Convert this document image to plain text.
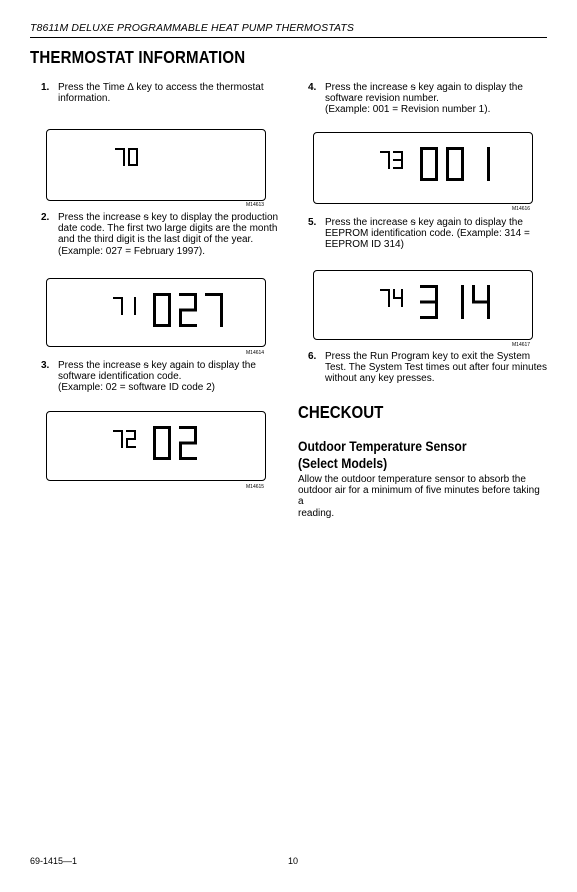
T8611M DELUXE PROGRAMMABLE HEAT PUMP THERMOSTATS
THERMOSTAT INFORMATION
1. Press the Time ∆ key to access the thermostat
information.
M14613
2. Press the increase ᵴ key to display the production
date code. The first two large digits are the month
and the third digit is the last digit of the year.
(Example: 027 = February 1997).
M14614
3. Press the increase ᵴ key again to display the
software identification code.
(Example: 02 = software ID code 2)
M14615
4. Press the increase ᵴ key again to display the
software revision number.
(Example: 001 = Revision number 1).
M14616
5. Press the increase ᵴ key again to display the
EEPROM identification code. (Example: 314 =
EEPROM ID 314)
M14617
6. Press the Run Program key to exit the System
Test. The System Test times out after four minutes
without any key presses.
CHECKOUT
Outdoor Temperature Sensor
(Select Models)
Allow the outdoor temperature sensor to absorb the
outdoor air for a minimum of five minutes before taking a
reading.
69-1415—1	10
